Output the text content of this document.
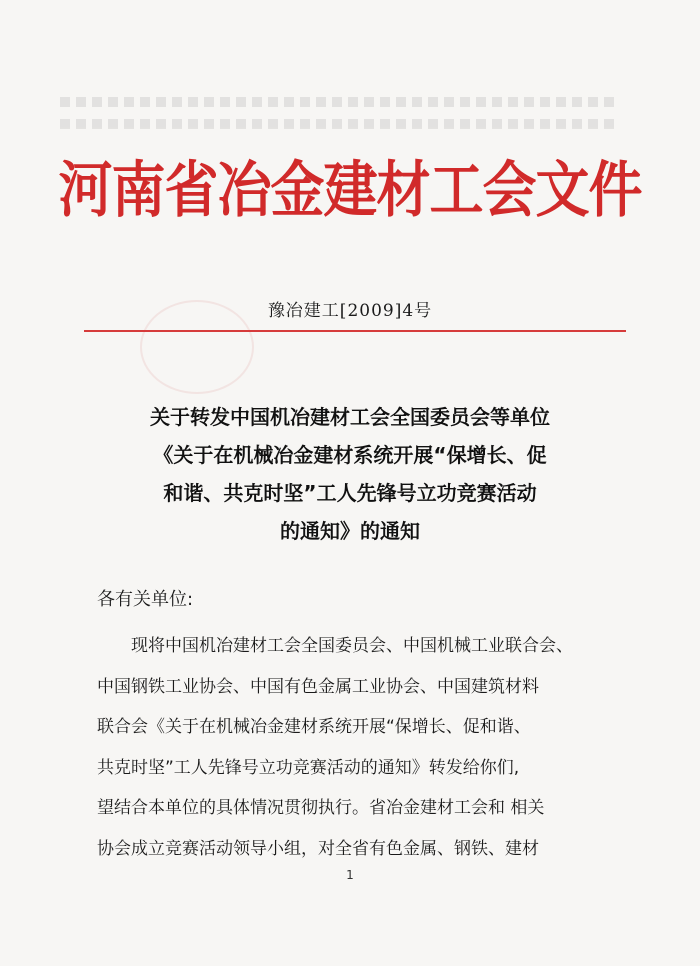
河南省冶金建材工会文件
豫冶建工[2009]4号
关于转发中国机冶建材工会全国委员会等单位
《关于在机械冶金建材系统开展“保增长、促
和谐、共克时坚”工人先锋号立功竞赛活动
的通知》的通知
各有关单位:
现将中国机冶建材工会全国委员会、中国机械工业联合会、
中国钢铁工业协会、中国有色金属工业协会、中国建筑材料
联合会《关于在机械冶金建材系统开展“保增长、促和谐、
共克时坚”工人先锋号立功竞赛活动的通知》转发给你们,
望结合本单位的具体情况贯彻执行。省冶金建材工会和 相关
协会成立竞赛活动领导小组，对全省有色金属、钢铁、建材
1
